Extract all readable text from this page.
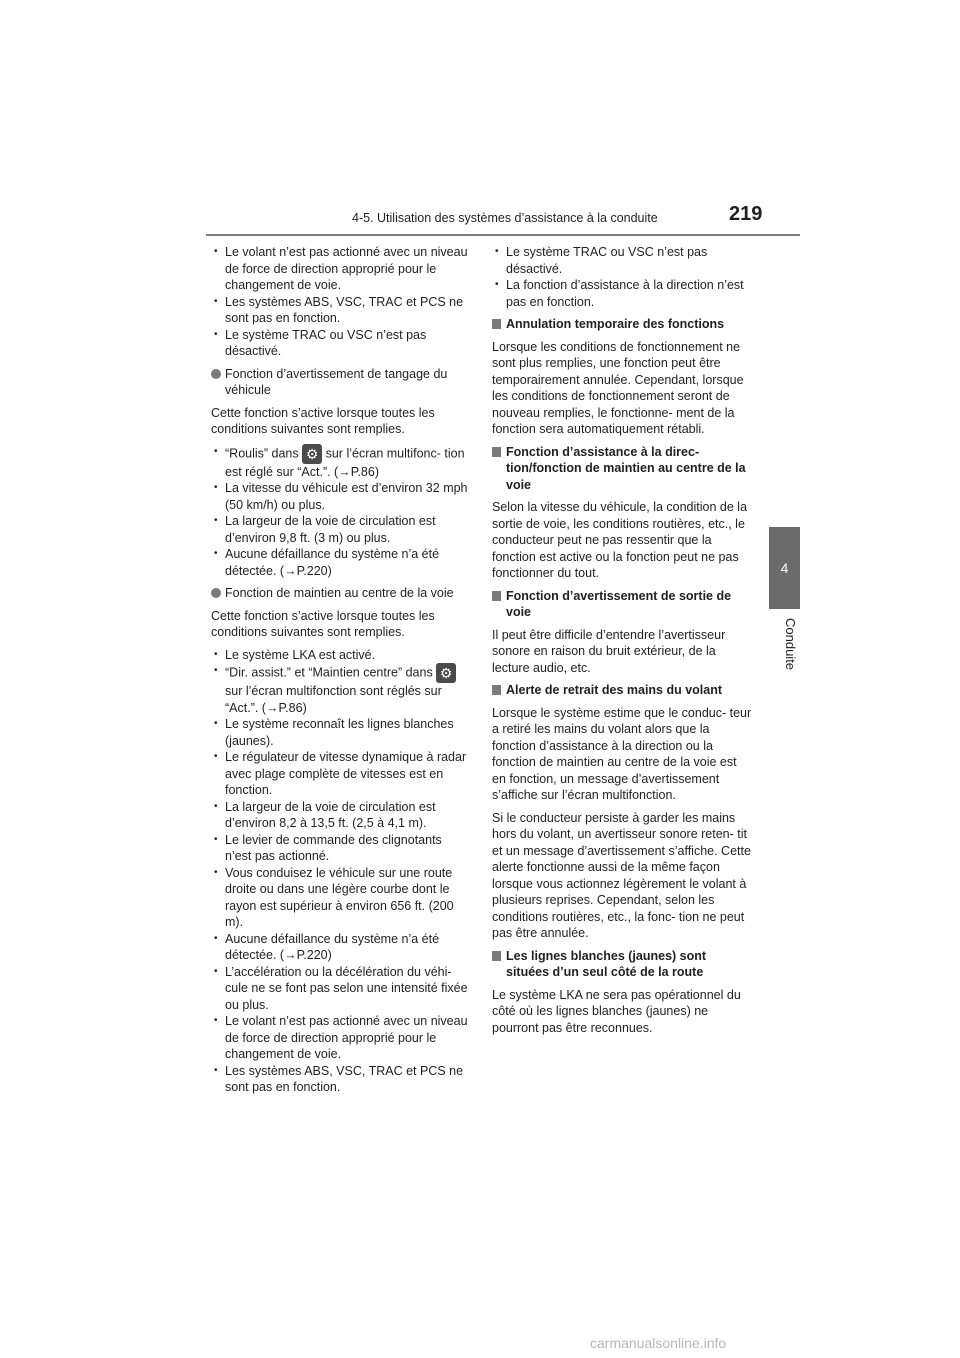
4-5. Utilisation des systèmes d’assistance à la conduite	219
4
Conduite
• Le volant n’est pas actionné avec un niveau de force de direction approprié pour le changement de voie.
• Les systèmes ABS, VSC, TRAC et PCS ne sont pas en fonction.
• Le système TRAC ou VSC n’est pas désactivé.
Fonction d’avertissement de tangage du véhicule

Cette fonction s’active lorsque toutes les conditions suivantes sont remplies.

• “Roulis” dans ⚙ sur l’écran multifonc- tion est réglé sur “Act.”. (→P.86)
• La vitesse du véhicule est d’environ 32 mph (50 km/h) ou plus.
• La largeur de la voie de circulation est d’environ 9,8 ft. (3 m) ou plus.
• Aucune défaillance du système n’a été détectée. (→P.220)
Fonction de maintien au centre de la voie

Cette fonction s’active lorsque toutes les conditions suivantes sont remplies.

• Le système LKA est activé.
• “Dir. assist.” et “Maintien centre” dans ⚙ sur l’écran multifonction sont réglés sur “Act.”. (→P.86)
• Le système reconnaît les lignes blanches (jaunes).
• Le régulateur de vitesse dynamique à radar avec plage complète de vitesses est en fonction.
• La largeur de la voie de circulation est d’environ 8,2 à 13,5 ft. (2,5 à 4,1 m).
• Le levier de commande des clignotants n’est pas actionné.
• Vous conduisez le véhicule sur une route droite ou dans une légère courbe dont le rayon est supérieur à environ 656 ft. (200 m).
• Aucune défaillance du système n’a été détectée. (→P.220)
• L’accélération ou la décélération du véhi- cule ne se font pas selon une intensité fixée ou plus.
• Le volant n’est pas actionné avec un niveau de force de direction approprié pour le changement de voie.
• Les systèmes ABS, VSC, TRAC et PCS ne sont pas en fonction.
• Le système TRAC ou VSC n’est pas désactivé.
• La fonction d’assistance à la direction n’est pas en fonction.
Annulation temporaire des fonctions

Lorsque les conditions de fonctionnement ne sont plus remplies, une fonction peut être temporairement annulée. Cependant, lorsque les conditions de fonctionnement seront de nouveau remplies, le fonctionne- ment de la fonction sera automatiquement rétabli.

Fonction d’assistance à la direc- tion/fonction de maintien au centre de la voie

Selon la vitesse du véhicule, la condition de la sortie de voie, les conditions routières, etc., le conducteur peut ne pas ressentir que la fonction est active ou la fonction peut ne pas fonctionner du tout.

Fonction d’avertissement de sortie de voie

Il peut être difficile d’entendre l’avertisseur sonore en raison du bruit extérieur, de la lecture audio, etc.

Alerte de retrait des mains du volant

Lorsque le système estime que le conduc- teur a retiré les mains du volant alors que la fonction d’assistance à la direction ou la fonction de maintien au centre de la voie est en fonction, un message d’avertissement s’affiche sur l’écran multifonction.

Si le conducteur persiste à garder les mains hors du volant, un avertisseur sonore reten- tit et un message d’avertissement s’affiche. Cette alerte fonctionne aussi de la même façon lorsque vous actionnez légèrement le volant à plusieurs reprises. Cependant, selon les conditions routières, etc., la fonc- tion ne peut pas être annulée.

Les lignes blanches (jaunes) sont situées d’un seul côté de la route

Le système LKA ne sera pas opérationnel du côté où les lignes blanches (jaunes) ne pourront pas être reconnues.

carmanualsonline.info
